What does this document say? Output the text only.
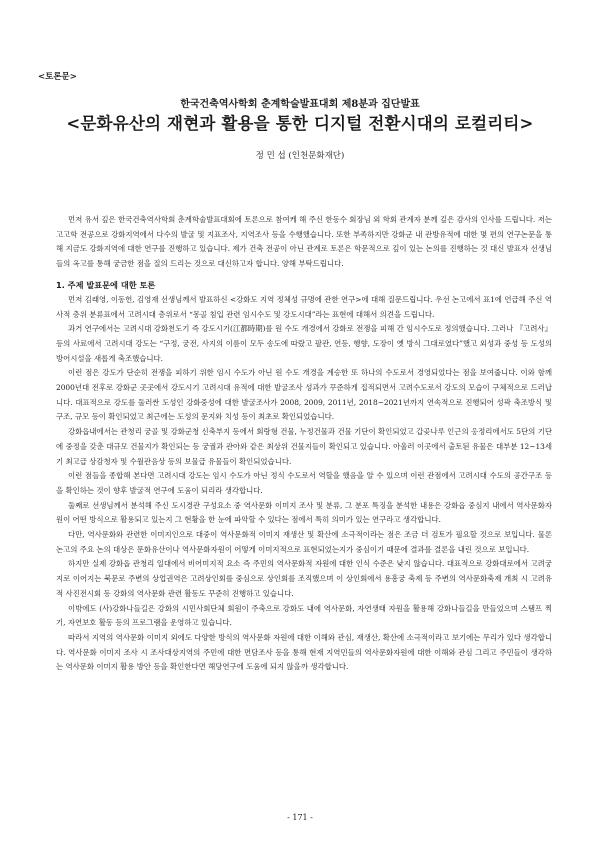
<토론문>
한국건축역사학회 춘계학술발표대회 제8분과 집단발표
<문화유산의 재현과 활용을 통한 디지털 전환시대의 로컬리티>
정 민 섭 (인천문화재단)

먼저 유서 깊은 한국건축역사학회 춘계학술발표대회에 토론으로 참여케 해 주신 한동수 회장님 외 학회 관계자 분께 깊은 감사의 인사를 드립니다. 저는 고고학 전공으로 강화지역에서 다수의 발굴 및 지표조사, 지역조사 등을 수행했습니다. 또한 부족하지만 강화군 내 관방유적에 대한 몇 편의 연구논문을 통해 지금도 강화지역에 대한 연구를 진행하고 있습니다. 제가 건축 전공이 아닌 관계로 토론은 학문적으로 깊이 있는 논의를 진행하는 것 대신 발표자 선생님들의 옥고를 통해 궁금한 점을 질의 드리는 것으로 대신하고자 합니다. 양해 부탁드립니다.

1. 주제 발표문에 대한 토론

먼저 김래영, 이동헌, 김영재 선생님께서 발표하신 <강화도 지역 정체성 규명에 관한 연구>에 대해 질문드립니다. 우선 논고에서 표1에 언급해 주신 역사적 층위 분류표에서 고려시대 층위로서 “몽골 침입 관련 임시수도 및 강도시대”라는 표현에 대해서 의견을 드립니다.

과거 연구에서는 고려시대 강화천도기 즉 강도시기(江都時期)를 원 수도 개경에서 강화로 전쟁을 피해 간 임시수도로 정의했습니다. 그러나 『고려사』 등의 사료에서 고려시대 강도는 “구정, 궁전, 사지의 이름이 모두 송도에 따랐고 팔관, 연등, 행향, 도장이 옛 방식 그대로였다”했고 외성과 중성 등 도성의 방어시설을 새롭게 축조했습니다.

이런 점은 강도가 단순히 전쟁을 피하기 위한 임시 수도가 아닌 원 수도 개경을 계승한 또 하나의 수도로서 경영되었다는 점을 보여줍니다. 이와 함께 2000년대 전후로 강화군 곳곳에서 강도시기 고려시대 유적에 대한 발굴조사 성과가 꾸준하게 집적되면서 고려수도로서 강도의 모습이 구체적으로 드러납니다. 대표적으로 강도를 둘러싼 도성인 강화중성에 대한 발굴조사가 2008, 2009, 2011년, 2018~2021년까지 연속적으로 진행되어 성곽 축조방식 및 구조, 규모 등이 확인되었고 최근에는 도성의 문지와 치성 등이 최초로 확인되었습니다.

강화읍내에서는 관청리 궁골 및 강화군청 신축부지 등에서 회랑형 건물, 누정건물과 건물 기단이 확인되었고 갑곶나루 인근의 옹정리에서도 5단의 기단에 중정을 갖춘 대규모 건물지가 확인되는 등 궁궐과 관아와 같은 최상위 건물지들이 확인되고 있습니다. 아울러 이곳에서 출토된 유물은 대부분 12~13세기 최고급 상감청자 및 수월관음상 등의 보물급 유물들이 확인되었습니다.

이런 점들을 종합해 본다면 고려시대 강도는 임시 수도가 아닌 정식 수도로서 역할을 했음을 알 수 있으며 이런 관점에서 고려시대 수도의 공간구조 등을 확인하는 것이 향후 발굴적 연구에 도움이 되리라 생각합니다.

둘째로 선생님께서 분석해 주신 도시경관 구성요소 중 역사문화 이미지 조사 및 분류, 그 분포 특징을 분석한 내용은 강화읍 중심지 내에서 역사문화자원이 어떤 방식으로 활용되고 있는지 그 현황을 한 눈에 파악할 수 있다는 점에서 특히 의미가 있는 연구라고 생각합니다.

다만, 역사문화와 관련한 이미지인으로 대중이 역사문화적 이미지 재생산 및 확산에 소극적이라는 점은 조금 더 검토가 필요할 것으로 보입니다. 물론 논고의 주요 논의 대상은 문화유산이나 역사문화자원이 어떻게 이미지적으로 표현되었는지가 중심이기 때문에 결과를 결론을 내린 것으로 보입니다.

하지만 실제 강화읍 관청리 일대에서 비어미지적 요소 즉 주민의 역사문화적 자원에 대한 인식 수준은 낮지 않습니다. 대표적으로 강화대로에서 고려궁지로 이어지는 북문로 주변의 상업권역은 고려상인회를 중심으로 상인회를 조직했으며 이 상인회에서 용흥궁 축제 등 주변의 역사문화축제 개최 시 고려유적 사진전시회 등 강화의 역사문화 관련 활동도 꾸준히 진행하고 있습니다.

이밖에도 (사)강화나들길은 강화의 시민사회단체 회원이 주축으로 강화도 내에 역사문화, 자연생태 자원을 활용해 강화나들길을 만들었으며 스탬프 찍기, 자연보호 활동 등의 프로그램을 운영하고 있습니다.

따라서 지역의 역사문화 이미지 외에도 다양한 방식의 역사문화 자원에 대한 이해와 관심, 재생산, 확산에 소극적이라고 보기에는 무리가 있다 생각합니다. 역사문화 이미지 조사 시 조사대상지역의 주민에 대한 면담조사 등을 통해 현재 지역민들의 역사문화자원에 대한 이해와 관심 그리고 주민들이 생각하는 역사문화 이미지 활용 방안 등을 확인한다면 해당연구에 도움에 되지 않을까 생각합니다.

- 171 -
